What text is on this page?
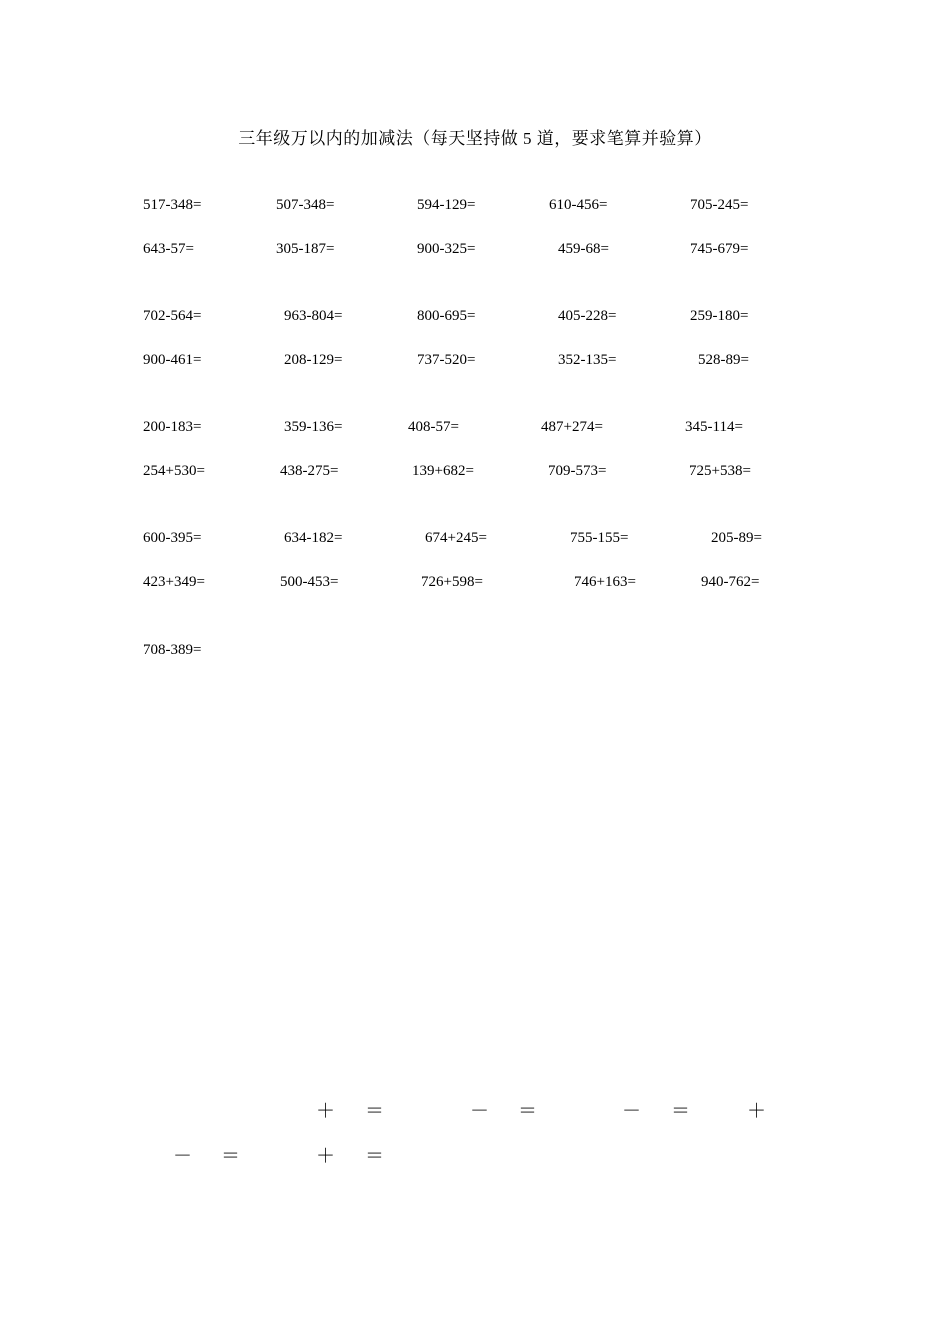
三年级万以内的加减法（每天坚持做 5 道，要求笔算并验算）
517-348=	507-348=	594-129=	610-456=	705-245=
643-57=	305-187=	900-325=	459-68=	745-679=
702-564=	963-804=	800-695=	405-228=	259-180=
900-461=	208-129=	737-520=	352-135=	528-89=
200-183=	359-136=	408-57=	487+274=	345-114=
254+530=	438-275=	139+682=	709-573=	725+538=
600-395=	634-182=	674+245=	755-155=	205-89=
423+349=	500-453=	726+598=	746+163=	940-762=
708-389=
＋ ＝	－ ＝	－ ＝	＋
－ ＝	＋ ＝
